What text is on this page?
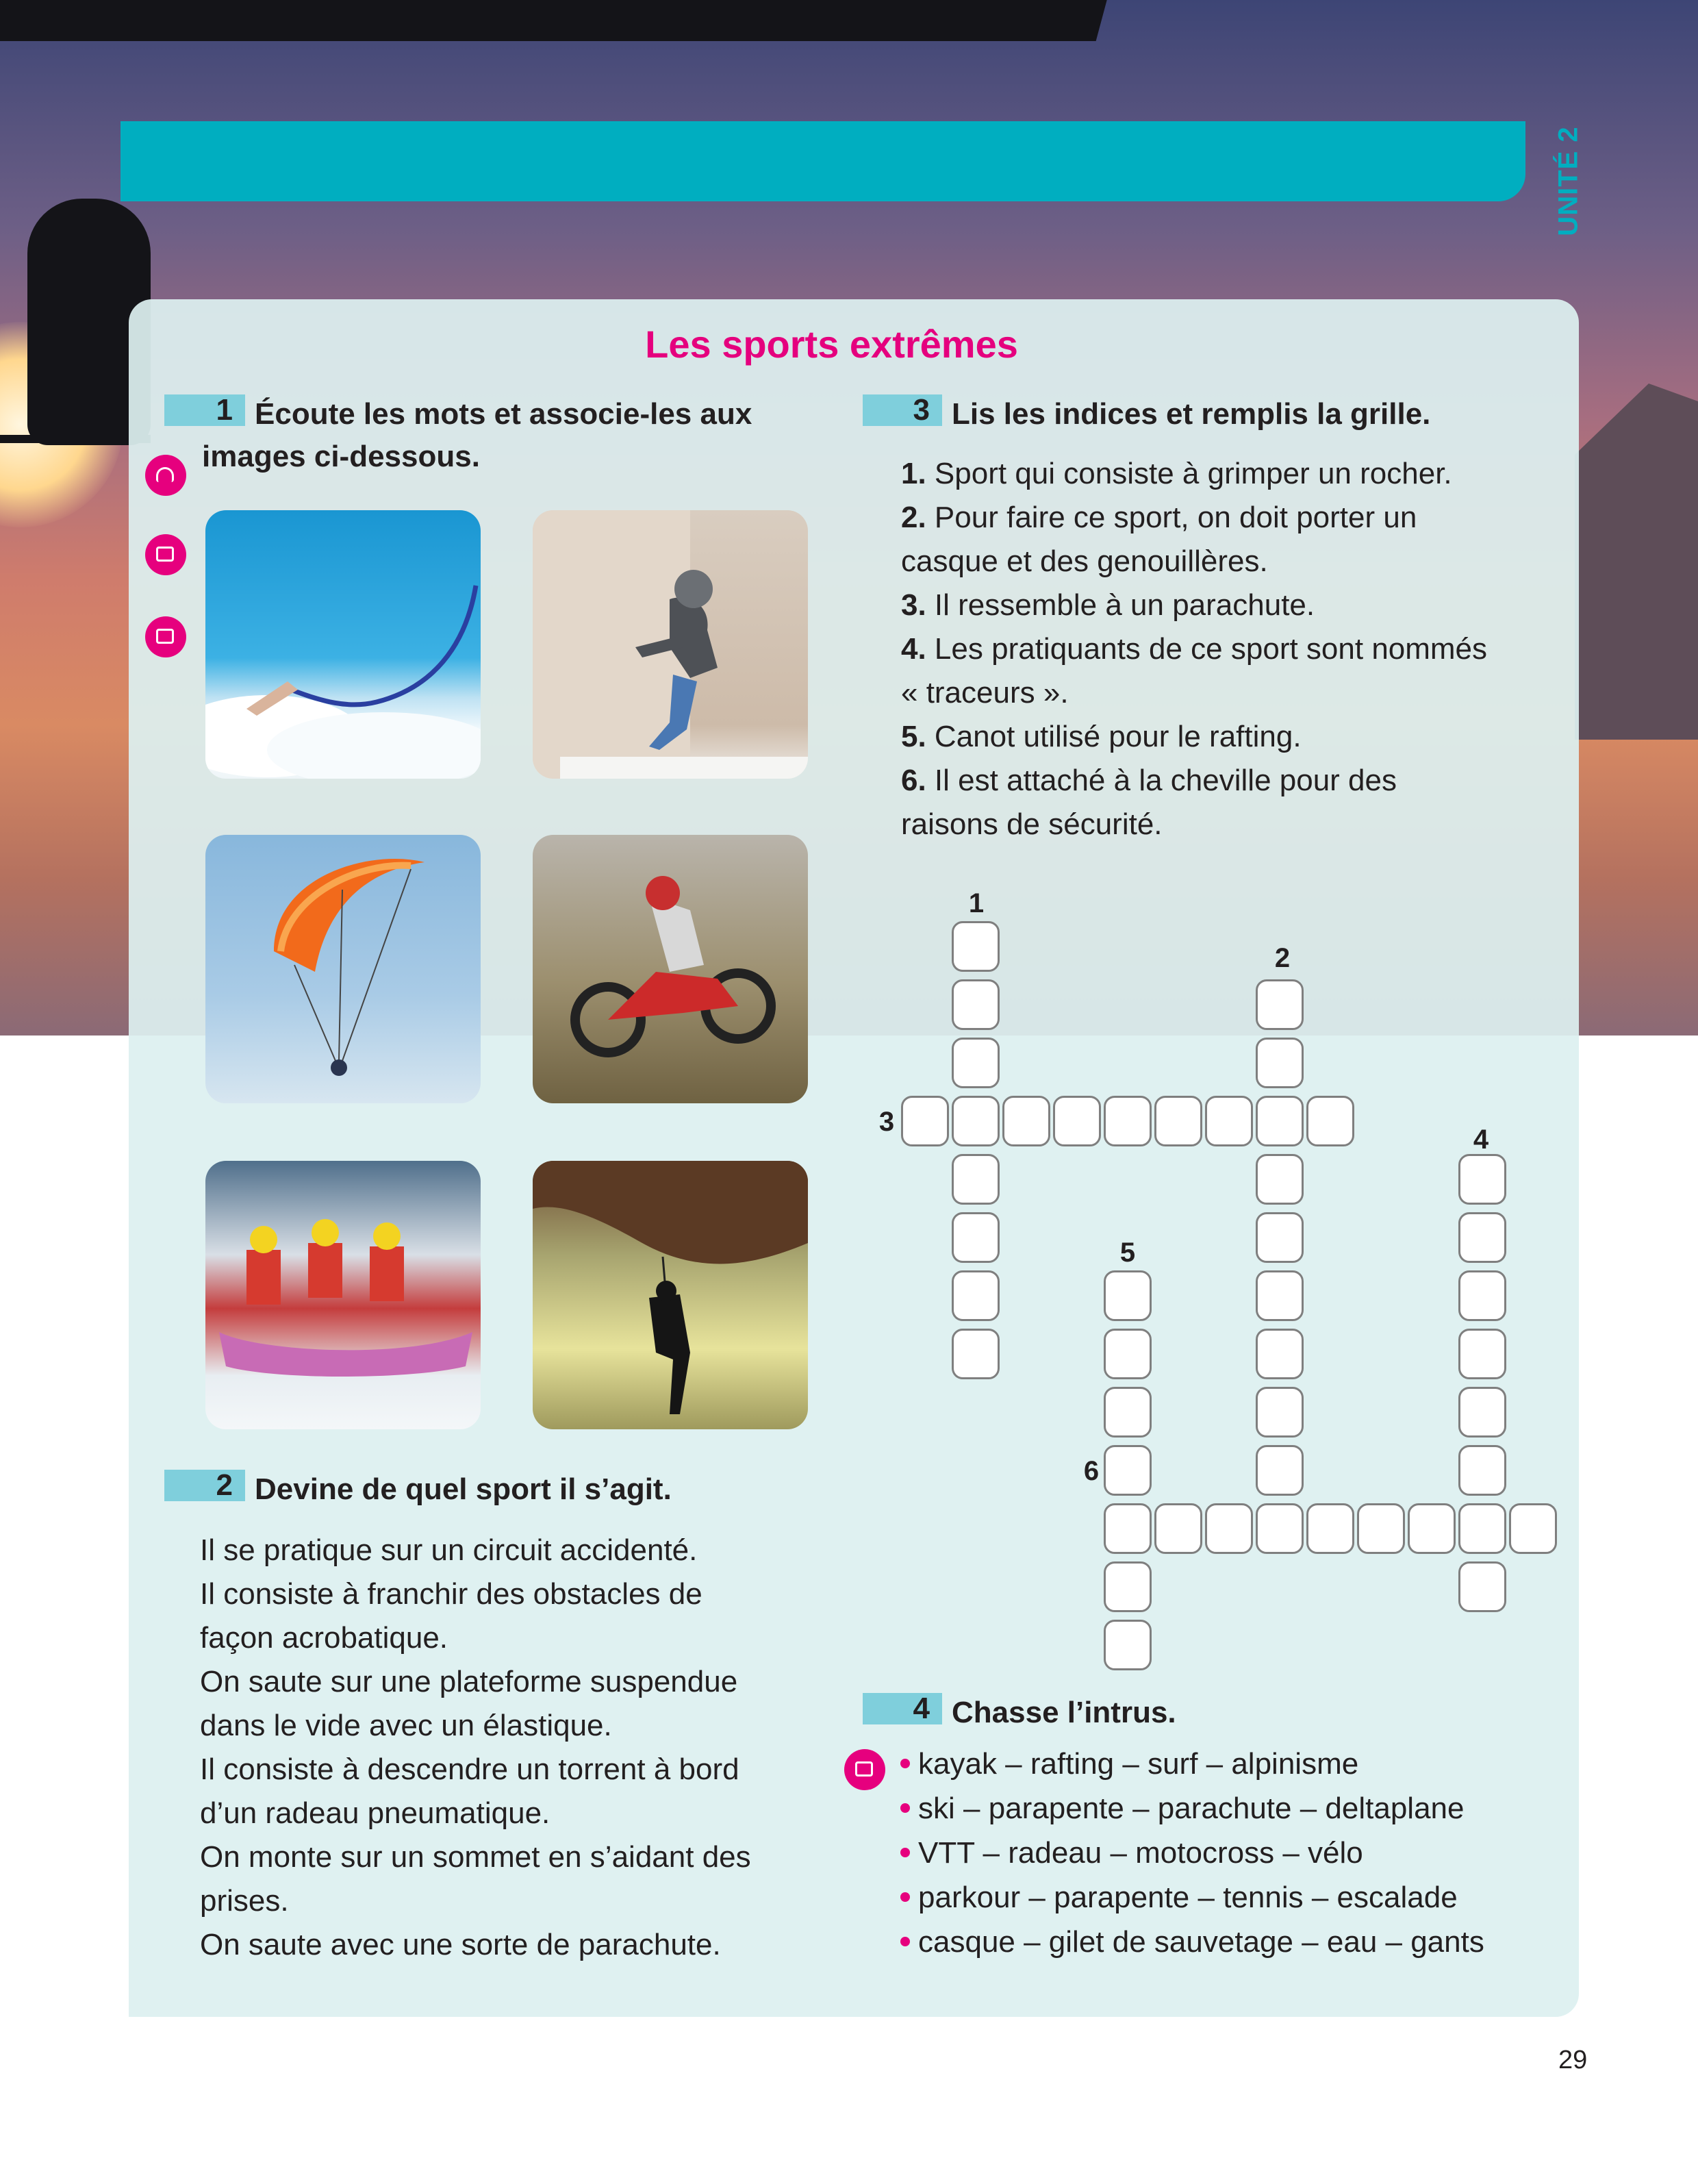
UNITÉ 2
Les sports extrêmes
1 Écoute les mots et associe-les aux
images ci-dessous.
2 Devine de quel sport il s’agit.
Il se pratique sur un circuit accidenté.
Il consiste à franchir des obstacles de
façon acrobatique.
On saute sur une plateforme suspendue
dans le vide avec un élastique.
Il consiste à descendre un torrent à bord
d’un radeau pneumatique.
On monte sur un sommet en s’aidant des
prises.
On saute avec une sorte de parachute.
3 Lis les indices et remplis la grille.
1. Sport qui consiste à grimper un rocher.
2. Pour faire ce sport, on doit porter un
casque et des genouillères.
3. Il ressemble à un parachute.
4. Les pratiquants de ce sport sont nommés
« traceurs ».
5. Canot utilisé pour le rafting.
6. Il est attaché à la cheville pour des
raisons de sécurité.
1
2
3
4
5
6
4 Chasse l’intrus.
kayak – rafting – surf – alpinisme
ski – parapente – parachute – deltaplane
VTT – radeau – motocross – vélo
parkour – parapente – tennis – escalade
casque – gilet de sauvetage – eau – gants
29
